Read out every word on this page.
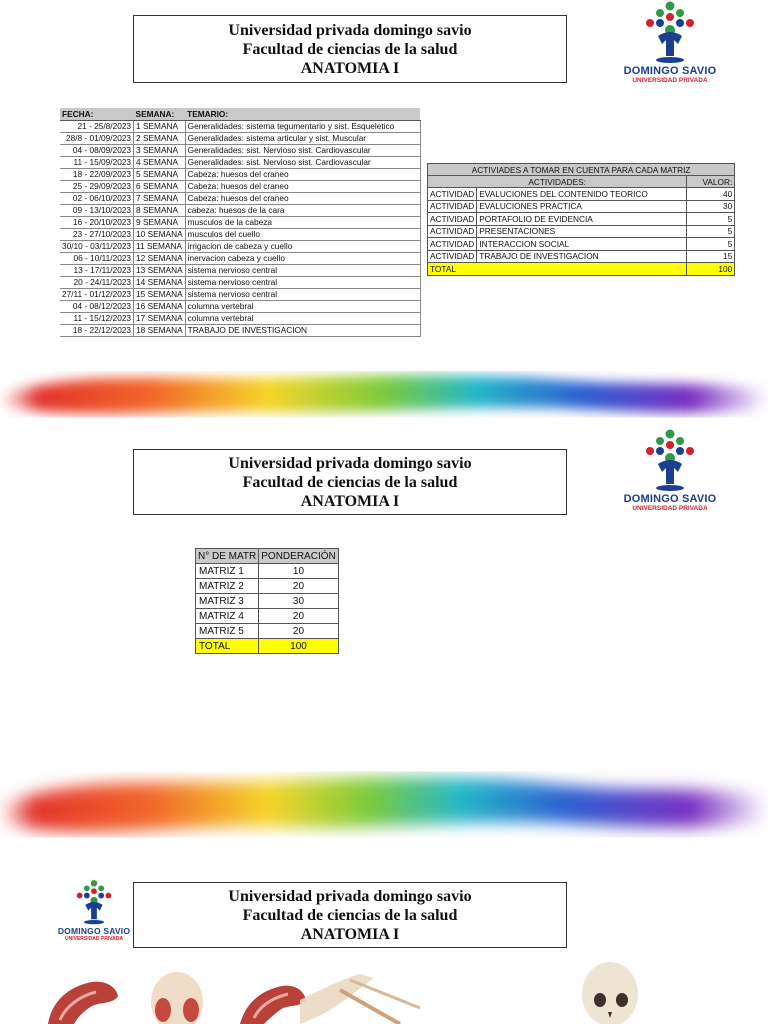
Universidad privada domingo savio
Facultad de ciencias de la salud
ANATOMIA I	DOMINGO SAVIO
UNIVERSIDAD PRIVADA
FECHA:	SEMANA:	TEMARIO:
21 - 25/8/2023	1 SEMANA	Generalidades: sistema tegumentario y sist. Esqueletico
28/8 - 01/09/2023	2 SEMANA	Generalidades: sistema articular y sist. Muscular
04 - 08/09/2023	3 SEMANA	Generalidades: sist. Nervioso sist. Cardiovascular
11 - 15/09/2023	4 SEMANA	Generalidades: sist. Nervioso sist. Cardiovascular
18 - 22/09/2023	5 SEMANA	Cabeza: huesos del craneo
25 - 29/09/2023	6 SEMANA	Cabeza: huesos del craneo
02 - 06/10/2023	7 SEMANA	Cabeza: huesos del craneo
09 - 13/10/2023	8 SEMANA	cabeza: huesos de la cara
16 - 20/10/2023	9 SEMANA	musculos de la cabeza
23 - 27/10/2023	10 SEMANA	musculos del cuello
30/10 - 03/11/2023	11 SEMANA	irrigacion de cabeza y cuello
06 - 10/11/2023	12 SEMANA	inervacion cabeza y cuello
13 - 17/11/2023	13 SEMANA	sistema nervioso central
20 - 24/11/2023	14 SEMANA	sistema nervioso central
27/11 - 01/12/2023	15 SEMANA	sistema nervioso central
04 - 08/12/2023	16 SEMANA	columna vertebral
11 - 15/12/2023	17 SEMANA	columna vertebral
18 - 22/12/2023	18 SEMANA	TRABAJO DE INVESTIGACION
ACTIVIADES A TOMAR EN CUENTA PARA CADA MATRIZ		
ACTIVIDADES:		VALOR:
ACTIVIDAD	EVALUCIONES DEL CONTENIDO TEORICO	40
ACTIVIDAD	EVALUCIONES PRACTICA	30
ACTIVIDAD	PORTAFOLIO DE EVIDENCIA	5
ACTIVIDAD	PRESENTACIONES	5
ACTIVIDAD	INTERACCION SOCIAL	5
ACTIVIDAD	TRABAJO DE INVESTIGACION	15
TOTAL		100
Universidad privada domingo savio
Facultad de ciencias de la salud
ANATOMIA I	DOMINGO SAVIO
UNIVERSIDAD PRIVADA
N° DE MATR	PONDERACIÓN
MATRIZ 1	10
MATRIZ 2	20
MATRIZ 3	30
MATRIZ 4	20
MATRIZ 5	20
TOTAL	100
DOMINGO SAVIO
UNIVERSIDAD PRIVADA
Universidad privada domingo savio
Facultad de ciencias de la salud
ANATOMIA I
